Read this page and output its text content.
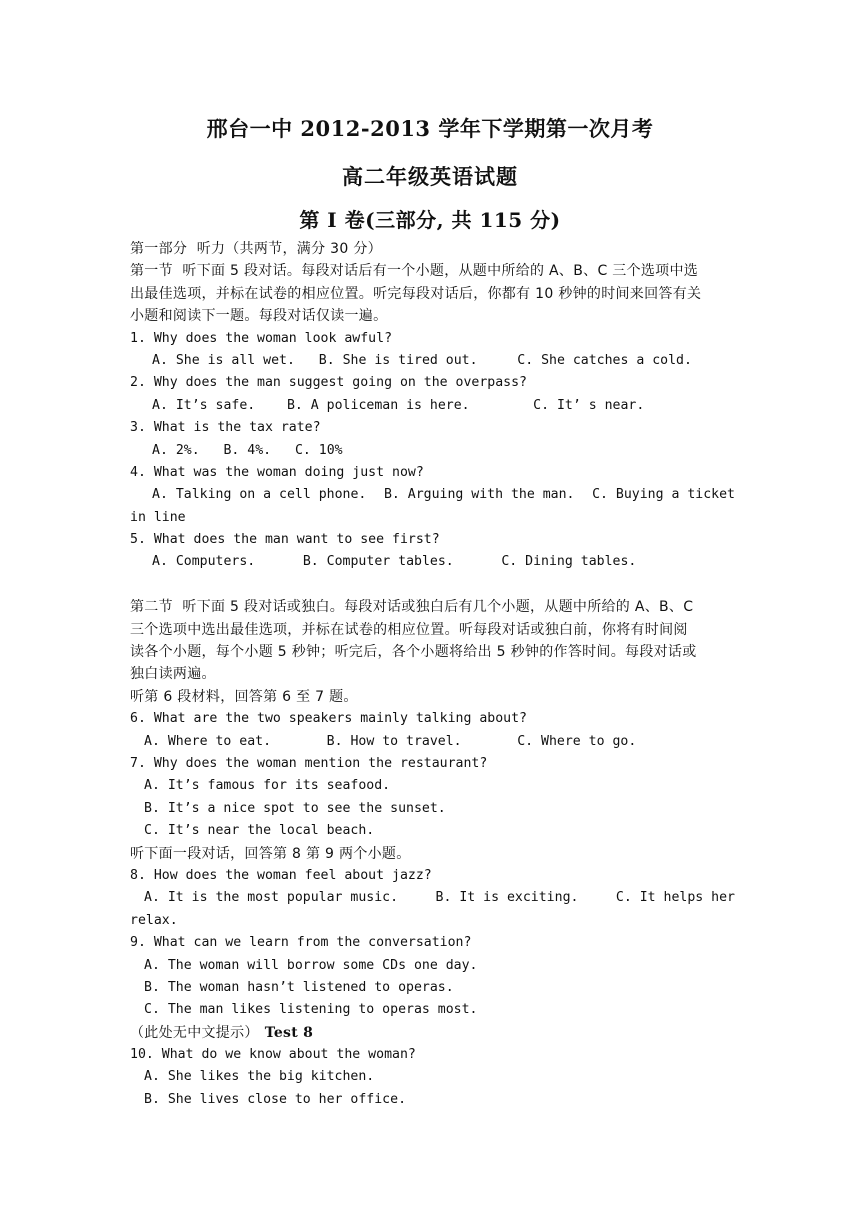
邢台一中 2012-2013 学年下学期第一次月考
高二年级英语试题
第 I 卷(三部分, 共 115 分)
第一部分  听力（共两节，满分 30 分）
第一节  听下面 5 段对话。每段对话后有一个小题，从题中所给的 A、B、C 三个选项中选
出最佳选项，并标在试卷的相应位置。听完每段对话后，你都有 10 秒钟的时间来回答有关
小题和阅读下一题。每段对话仅读一遍。
1. Why does the woman look awful?
A. She is all wet. B. She is tired out.	C. She catches a cold.
2. Why does the man suggest going on the overpass?
A. It’s safe. B. A policeman is here.	C. It’ s near.
3. What is the tax rate?
A. 2%. B. 4%. C. 10%
4. What was the woman doing just now?
A. Talking on a cell phone. B. Arguing with the man. C. Buying a ticket
in line
5. What does the man want to see first?
A. Computers.	B. Computer tables.	C. Dining tables.
第二节  听下面 5 段对话或独白。每段对话或独白后有几个小题，从题中所给的 A、B、C
三个选项中选出最佳选项，并标在试卷的相应位置。听每段对话或独白前，你将有时间阅
读各个小题，每个小题 5 秒钟；听完后，各个小题将给出 5 秒钟的作答时间。每段对话或
独白读两遍。
听第 6 段材料，回答第 6 至 7 题。
6. What are the two speakers mainly talking about?
A. Where to eat.	B. How to travel.	C. Where to go.
7. Why does the woman mention the restaurant?
A. It’s famous for its seafood.
B. It’s a nice spot to see the sunset.
C. It’s near the local beach.
听下面一段对话，回答第 8 第 9 两个小题。
8. How does the woman feel about jazz?
A. It is the most popular music.	B. It is exciting.	C. It helps her
relax.
9. What can we learn from the conversation?
A. The woman will borrow some CDs one day.
B. The woman hasn’t listened to operas.
C. The man likes listening to operas most.
（此处无中文提示） Test 8
10. What do we know about the woman?
A. She likes the big kitchen.
B. She lives close to her office.
